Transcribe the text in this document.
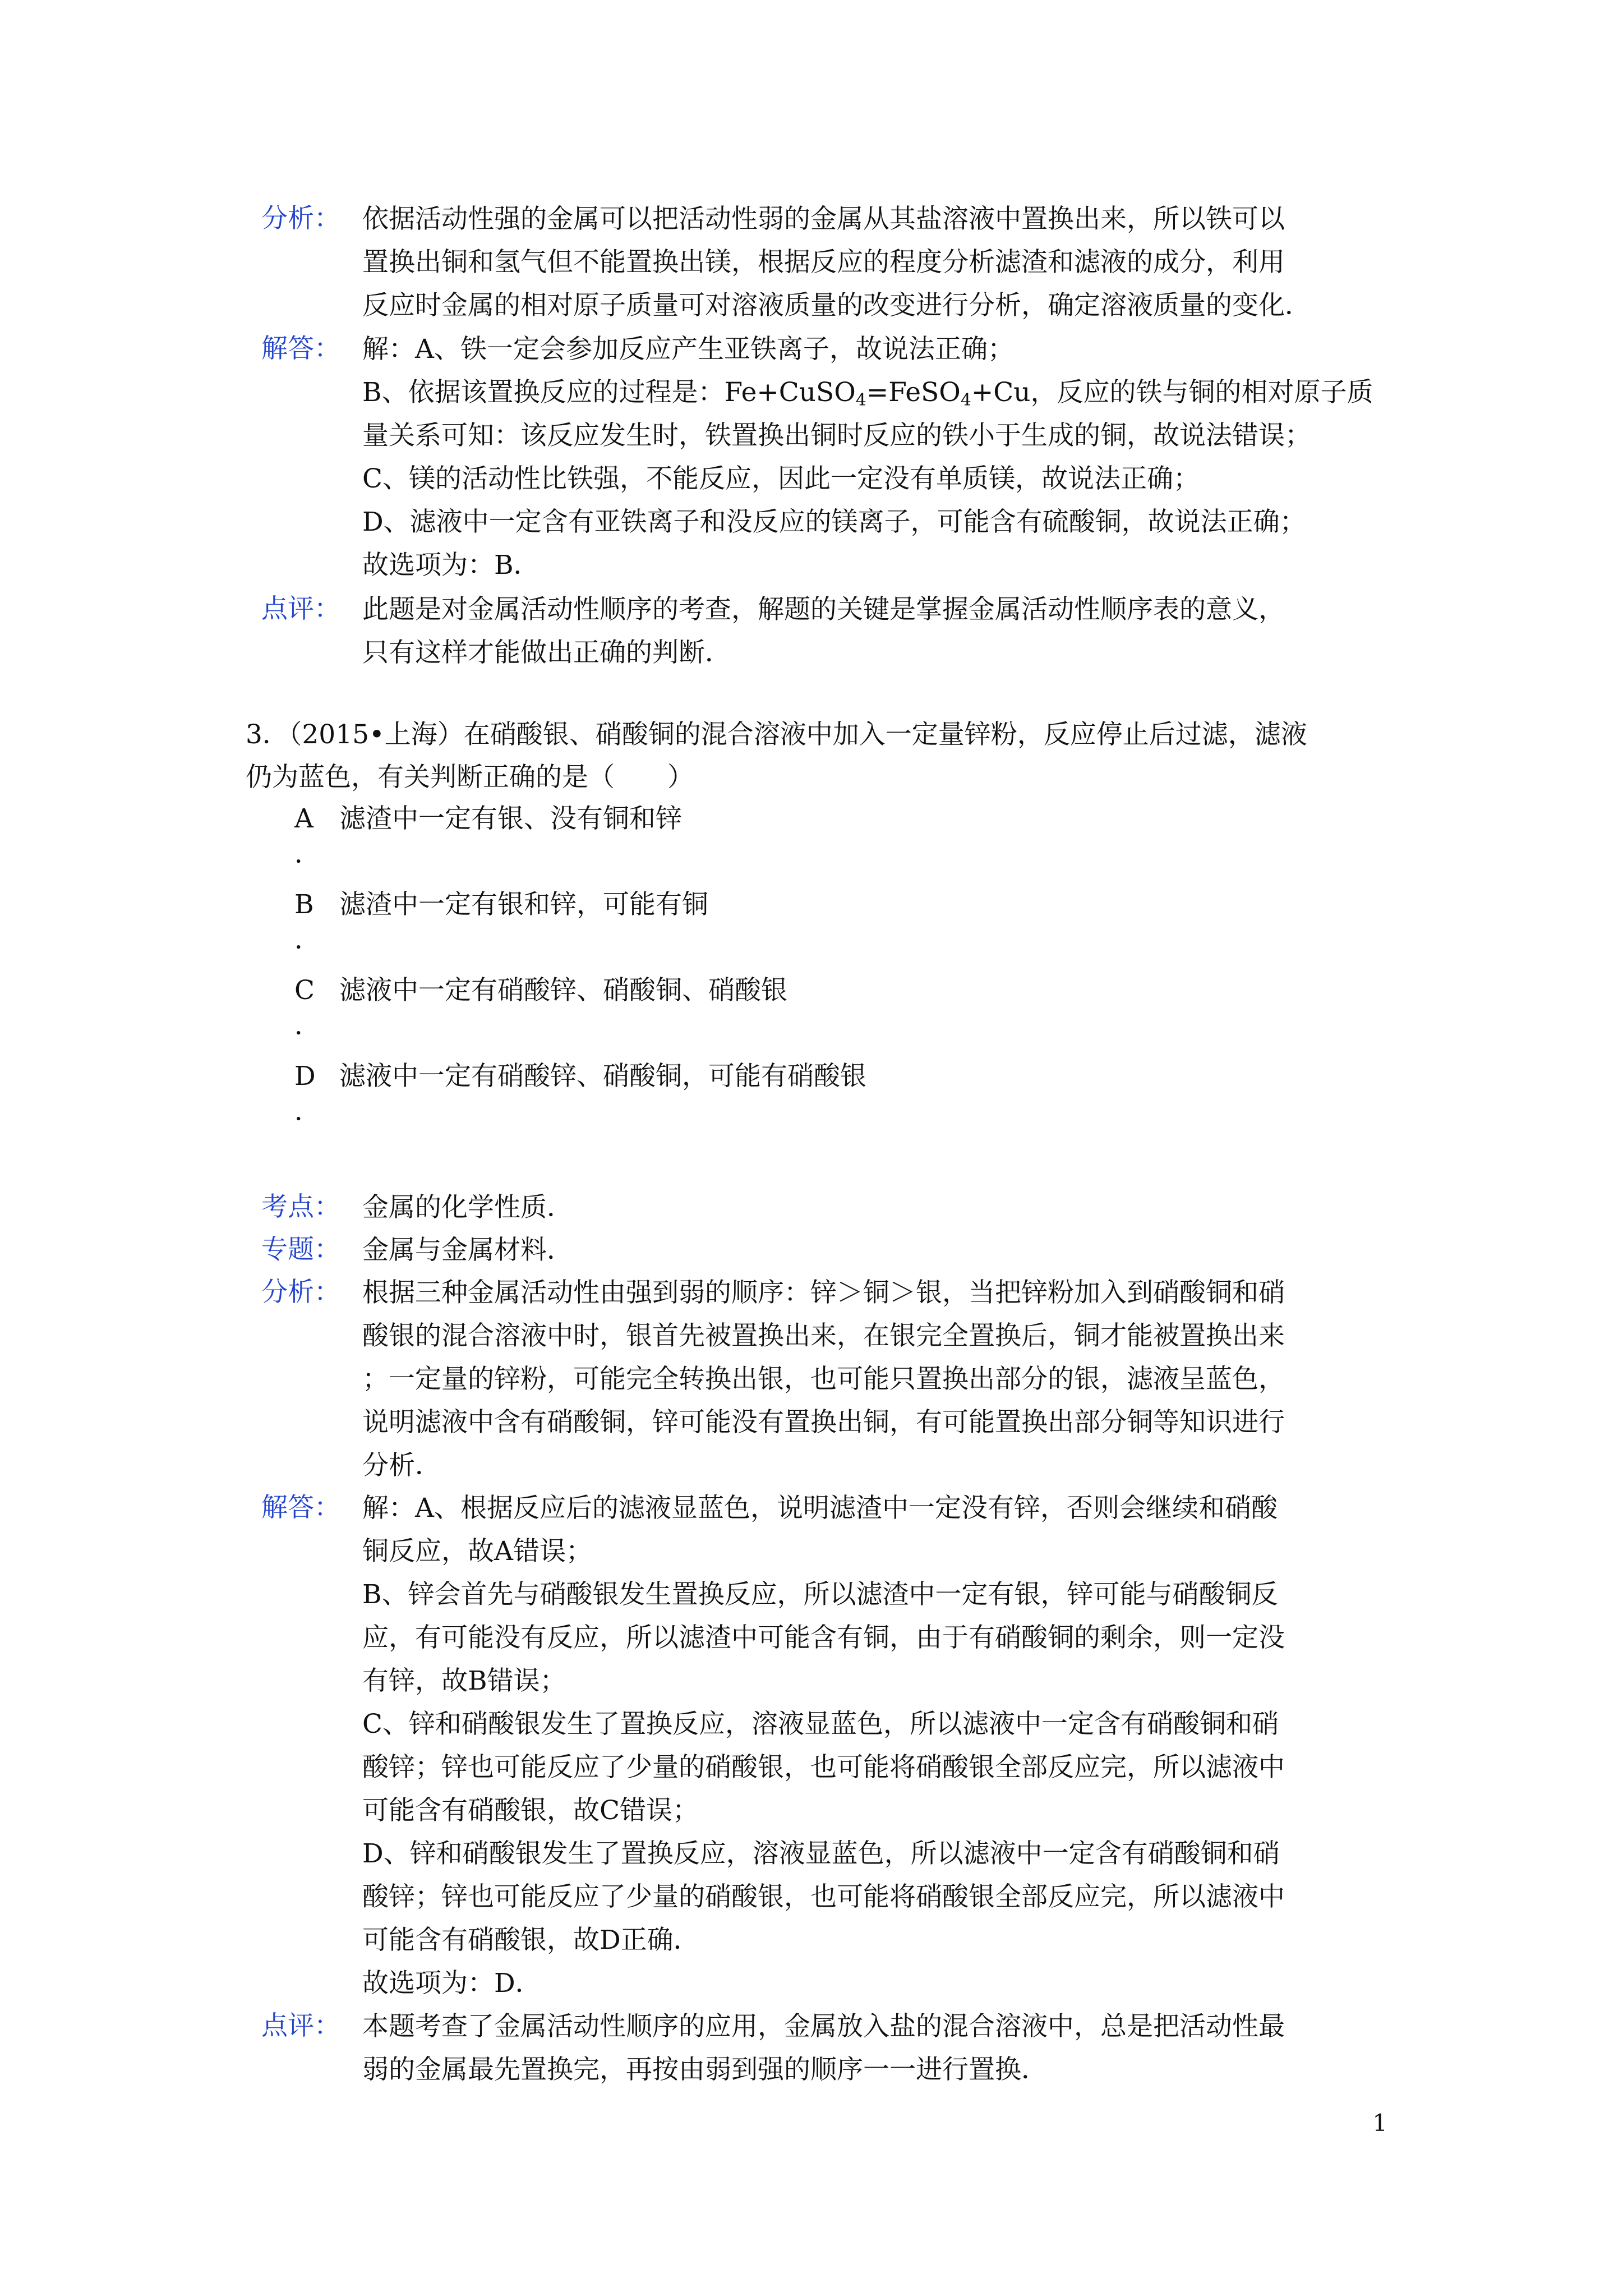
分析： 依据活动性强的金属可以把活动性弱的金属从其盐溶液中置换出来，所以铁可以
置换出铜和氢气但不能置换出镁，根据反应的程度分析滤渣和滤液的成分，利用
反应时金属的相对原子质量可对溶液质量的改变进行分析，确定溶液质量的变化．
解答： 解：A、铁一定会参加反应产生亚铁离子，故说法正确；
B、依据该置换反应的过程是：Fe+CuSO$_4$=FeSO$_4$+Cu，反应的铁与铜的相对原子质
量关系可知：该反应发生时，铁置换出铜时反应的铁小于生成的铜，故说法错误；
C、镁的活动性比铁强，不能反应，因此一定没有单质镁，故说法正确；
D、滤液中一定含有亚铁离子和没反应的镁离子，可能含有硫酸铜，故说法正确；
故选项为：B．
点评： 此题是对金属活动性顺序的考查，解题的关键是掌握金属活动性顺序表的意义，
只有这样才能做出正确的判断．
3．（2015•上海）在硝酸银、硝酸铜的混合溶液中加入一定量锌粉，反应停止后过滤，滤液
仍为蓝色，有关判断正确的是（　　）
A 滤渣中一定有银、没有铜和锌
．
B 滤渣中一定有银和锌，可能有铜
．
C 滤液中一定有硝酸锌、硝酸铜、硝酸银
．
D 滤液中一定有硝酸锌、硝酸铜，可能有硝酸银
．
考点： 金属的化学性质．
专题： 金属与金属材料．
分析： 根据三种金属活动性由强到弱的顺序：锌＞铜＞银，当把锌粉加入到硝酸铜和硝
酸银的混合溶液中时，银首先被置换出来，在银完全置换后，铜才能被置换出来
；一定量的锌粉，可能完全转换出银，也可能只置换出部分的银，滤液呈蓝色，
说明滤液中含有硝酸铜，锌可能没有置换出铜，有可能置换出部分铜等知识进行
分析．
解答： 解：A、根据反应后的滤液显蓝色，说明滤渣中一定没有锌，否则会继续和硝酸
铜反应，故A错误；
B、锌会首先与硝酸银发生置换反应，所以滤渣中一定有银，锌可能与硝酸铜反
应，有可能没有反应，所以滤渣中可能含有铜，由于有硝酸铜的剩余，则一定没
有锌，故B错误；
C、锌和硝酸银发生了置换反应，溶液显蓝色，所以滤液中一定含有硝酸铜和硝
酸锌；锌也可能反应了少量的硝酸银，也可能将硝酸银全部反应完，所以滤液中
可能含有硝酸银，故C错误；
D、锌和硝酸银发生了置换反应，溶液显蓝色，所以滤液中一定含有硝酸铜和硝
酸锌；锌也可能反应了少量的硝酸银，也可能将硝酸银全部反应完，所以滤液中
可能含有硝酸银，故D正确．
故选项为：D．
点评： 本题考查了金属活动性顺序的应用，金属放入盐的混合溶液中，总是把活动性最
弱的金属最先置换完，再按由弱到强的顺序一一进行置换．
1
